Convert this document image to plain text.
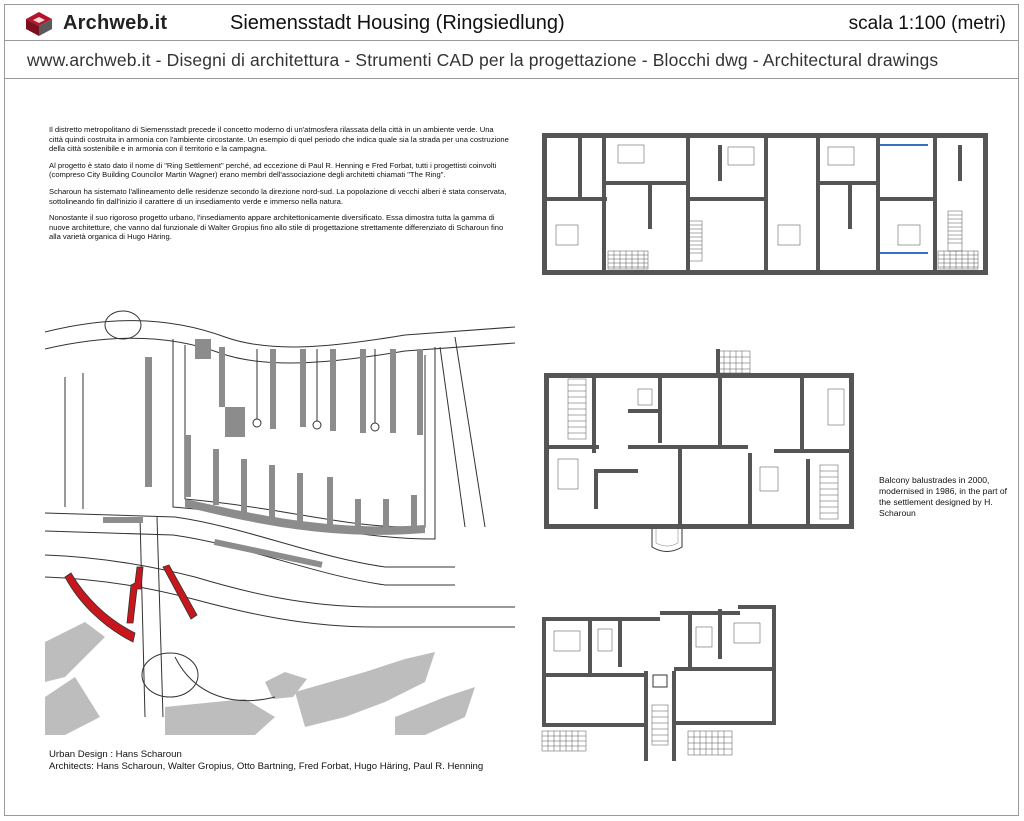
Archweb.it	Siemensstadt Housing (Ringsiedlung)	scala 1:100 (metri)
www.archweb.it - Disegni di architettura - Strumenti CAD per la progettazione - Blocchi dwg - Architectural drawings

Il distretto metropolitano di Siemensstadt precede il concetto moderno di un'atmosfera rilassata della città in un ambiente verde. Una città quindi costruita in armonia con l'ambiente circostante. Un esempio di quel periodo che indica quale sia la strada per una costruzione della città sostenibile e in armonia con il territorio e la campagna.

Al progetto è stato dato il nome di "Ring Settlement" perché, ad eccezione di Paul R. Henning e Fred Forbat, tutti i progettisti coinvolti (compreso City Building Councilor Martin Wagner) erano membri dell'associazione degli architetti chiamati "The Ring".

Scharoun ha sistemato l'allineamento delle residenze secondo la direzione nord-sud. La popolazione di vecchi alberi è stata conservata, sottolineando fin dall'inizio il carattere di un insediamento verde e immerso nella natura.

Nonostante il suo rigoroso progetto urbano, l'insediamento appare architettonicamente diversificato. Essa dimostra tutta la gamma di nuove architetture, che vanno dal funzionale di Walter Gropius fino allo stile di progettazione strettamente differenziato di Scharoun fino alla varietà organica di Hugo Häring.

Balcony balustrades in 2000, modernised in 1986, in the part of the settlement designed by H. Scharoun
Urban Design : Hans Scharoun
Architects: Hans Scharoun, Walter Gropius, Otto Bartning, Fred Forbat, Hugo Häring, Paul R. Henning
